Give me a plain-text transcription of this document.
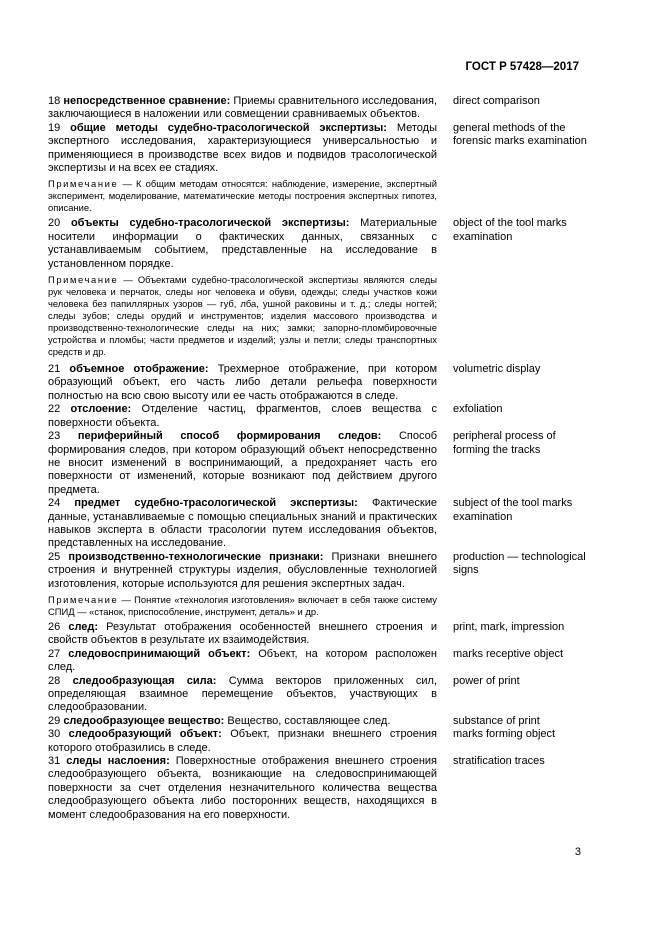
ГОСТ Р 57428—2017
18 непосредственное сравнение: Приемы сравнительного исследования, заключающиеся в наложении или совмещении сравниваемых объектов.
direct comparison
19 общие методы судебно-трасологической экспертизы: Методы экспертного исследования, характеризующиеся универсальностью и применяющиеся в производстве всех видов и подвидов трасологической экспертизы и на всех ее стадиях.
general methods of the forensic marks examination
Примечание — К общим методам относятся: наблюдение, измерение, экспертный эксперимент, моделирование, математические методы построения экспертных гипотез, описание.
20 объекты судебно-трасологической экспертизы: Материальные носители информации о фактических данных, связанных с устанавливаемым событием, представленные на исследование в установленном порядке.
object of the tool marks examination
Примечание — Объектами судебно-трасологической экспертизы являются следы рук человека и перчаток, следы ног человека и обуви, одежды; следы участков кожи человека без папиллярных узоров — губ, лба, ушной раковины и т. д.; следы ногтей; следы зубов; следы орудий и инструментов; изделия массового производства и производственно-технологические следы на них; замки; запорно-пломбировочные устройства и пломбы; части предметов и изделий; узлы и петли; следы транспортных средств и др.
21 объемное отображение: Трехмерное отображение, при котором образующий объект, его часть либо детали рельефа поверхности полностью на всю свою высоту или ее часть отображаются в следе.
volumetric display
22 отслоение: Отделение частиц, фрагментов, слоев вещества с поверхности объекта.
exfoliation
23 периферийный способ формирования следов: Способ формирования следов, при котором образующий объект непосредственно не вносит изменений в воспринимающий, а предохраняет часть его поверхности от изменений, которые возникают под действием другого предмета.
peripheral process of forming the tracks
24 предмет судебно-трасологической экспертизы: Фактические данные, устанавливаемые с помощью специальных знаний и практических навыков эксперта в области трасологии путем исследования объектов, представленных на исследование.
subject of the tool marks examination
25 производственно-технологические признаки: Признаки внешнего строения и внутренней структуры изделия, обусловленные технологией изготовления, которые используются для решения экспертных задач.
production — technological signs
Примечание — Понятие «технология изготовления» включает в себя также систему СПИД — «станок, приспособление, инструмент, деталь» и др.
26 след: Результат отображения особенностей внешнего строения и свойств объектов в результате их взаимодействия.
print, mark, impression
27 следовоспринимающий объект: Объект, на котором расположен след.
marks receptive object
28 следообразующая сила: Сумма векторов приложенных сил, определяющая взаимное перемещение объектов, участвующих в следообразовании.
power of print
29 следообразующее вещество: Вещество, составляющее след.	substance of print
30 следообразующий объект: Объект, признаки внешнего строения которого отобразились в следе.
marks forming object
31 следы наслоения: Поверхностные отображения внешнего строения следообразующего объекта, возникающие на следовоспринимающей поверхности за счет отделения незначительного количества вещества следообразующего объекта либо посторонних веществ, находящихся в момент следообразования на его поверхности.
stratification traces
3
